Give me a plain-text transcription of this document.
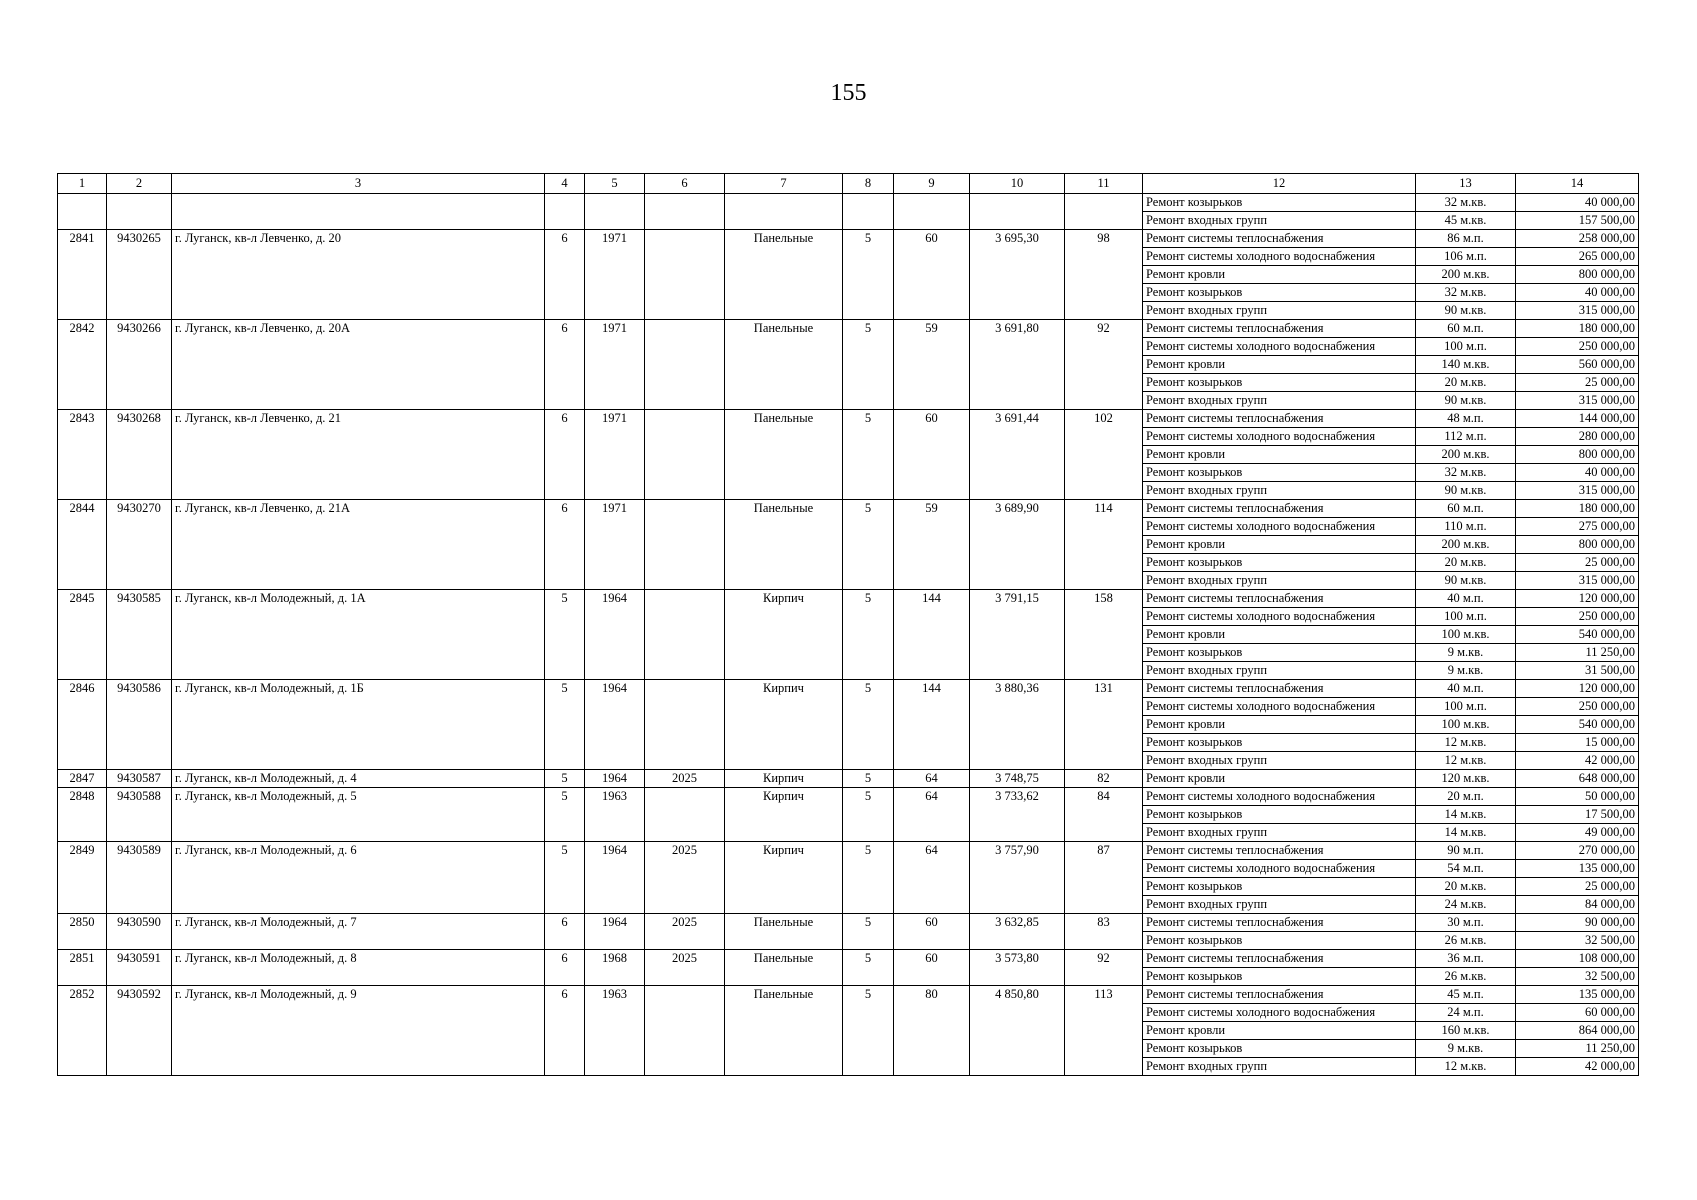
155
1	2	3	4	5	6	7	8	9	10	11	12	13	14
											Ремонт козырьков	32 м.кв.	40 000,00
											Ремонт входных групп	45 м.кв.	157 500,00
2841	9430265	г. Луганск, кв-л Левченко, д. 20	6	1971		Панельные	5	60	3 695,30	98	Ремонт системы теплоснабжения	86 м.п.	258 000,00
											Ремонт системы холодного водоснабжения	106 м.п.	265 000,00
											Ремонт кровли	200 м.кв.	800 000,00
											Ремонт козырьков	32 м.кв.	40 000,00
											Ремонт входных групп	90 м.кв.	315 000,00
2842	9430266	г. Луганск, кв-л Левченко, д. 20А	6	1971		Панельные	5	59	3 691,80	92	Ремонт системы теплоснабжения	60 м.п.	180 000,00
											Ремонт системы холодного водоснабжения	100 м.п.	250 000,00
											Ремонт кровли	140 м.кв.	560 000,00
											Ремонт козырьков	20 м.кв.	25 000,00
											Ремонт входных групп	90 м.кв.	315 000,00
2843	9430268	г. Луганск, кв-л Левченко, д. 21	6	1971		Панельные	5	60	3 691,44	102	Ремонт системы теплоснабжения	48 м.п.	144 000,00
											Ремонт системы холодного водоснабжения	112 м.п.	280 000,00
											Ремонт кровли	200 м.кв.	800 000,00
											Ремонт козырьков	32 м.кв.	40 000,00
											Ремонт входных групп	90 м.кв.	315 000,00
2844	9430270	г. Луганск, кв-л Левченко, д. 21А	6	1971		Панельные	5	59	3 689,90	114	Ремонт системы теплоснабжения	60 м.п.	180 000,00
											Ремонт системы холодного водоснабжения	110 м.п.	275 000,00
											Ремонт кровли	200 м.кв.	800 000,00
											Ремонт козырьков	20 м.кв.	25 000,00
											Ремонт входных групп	90 м.кв.	315 000,00
2845	9430585	г. Луганск, кв-л Молодежный, д. 1А	5	1964		Кирпич	5	144	3 791,15	158	Ремонт системы теплоснабжения	40 м.п.	120 000,00
											Ремонт системы холодного водоснабжения	100 м.п.	250 000,00
											Ремонт кровли	100 м.кв.	540 000,00
											Ремонт козырьков	9 м.кв.	11 250,00
											Ремонт входных групп	9 м.кв.	31 500,00
2846	9430586	г. Луганск, кв-л Молодежный, д. 1Б	5	1964		Кирпич	5	144	3 880,36	131	Ремонт системы теплоснабжения	40 м.п.	120 000,00
											Ремонт системы холодного водоснабжения	100 м.п.	250 000,00
											Ремонт кровли	100 м.кв.	540 000,00
											Ремонт козырьков	12 м.кв.	15 000,00
											Ремонт входных групп	12 м.кв.	42 000,00
2847	9430587	г. Луганск, кв-л Молодежный, д. 4	5	1964	2025	Кирпич	5	64	3 748,75	82	Ремонт кровли	120 м.кв.	648 000,00
2848	9430588	г. Луганск, кв-л Молодежный, д. 5	5	1963		Кирпич	5	64	3 733,62	84	Ремонт системы холодного водоснабжения	20 м.п.	50 000,00
											Ремонт козырьков	14 м.кв.	17 500,00
											Ремонт входных групп	14 м.кв.	49 000,00
2849	9430589	г. Луганск, кв-л Молодежный, д. 6	5	1964	2025	Кирпич	5	64	3 757,90	87	Ремонт системы теплоснабжения	90 м.п.	270 000,00
											Ремонт системы холодного водоснабжения	54 м.п.	135 000,00
											Ремонт козырьков	20 м.кв.	25 000,00
											Ремонт входных групп	24 м.кв.	84 000,00
2850	9430590	г. Луганск, кв-л Молодежный, д. 7	6	1964	2025	Панельные	5	60	3 632,85	83	Ремонт системы теплоснабжения	30 м.п.	90 000,00
											Ремонт козырьков	26 м.кв.	32 500,00
2851	9430591	г. Луганск, кв-л Молодежный, д. 8	6	1968	2025	Панельные	5	60	3 573,80	92	Ремонт системы теплоснабжения	36 м.п.	108 000,00
											Ремонт козырьков	26 м.кв.	32 500,00
2852	9430592	г. Луганск, кв-л Молодежный, д. 9	6	1963		Панельные	5	80	4 850,80	113	Ремонт системы теплоснабжения	45 м.п.	135 000,00
											Ремонт системы холодного водоснабжения	24 м.п.	60 000,00
											Ремонт кровли	160 м.кв.	864 000,00
											Ремонт козырьков	9 м.кв.	11 250,00
											Ремонт входных групп	12 м.кв.	42 000,00
